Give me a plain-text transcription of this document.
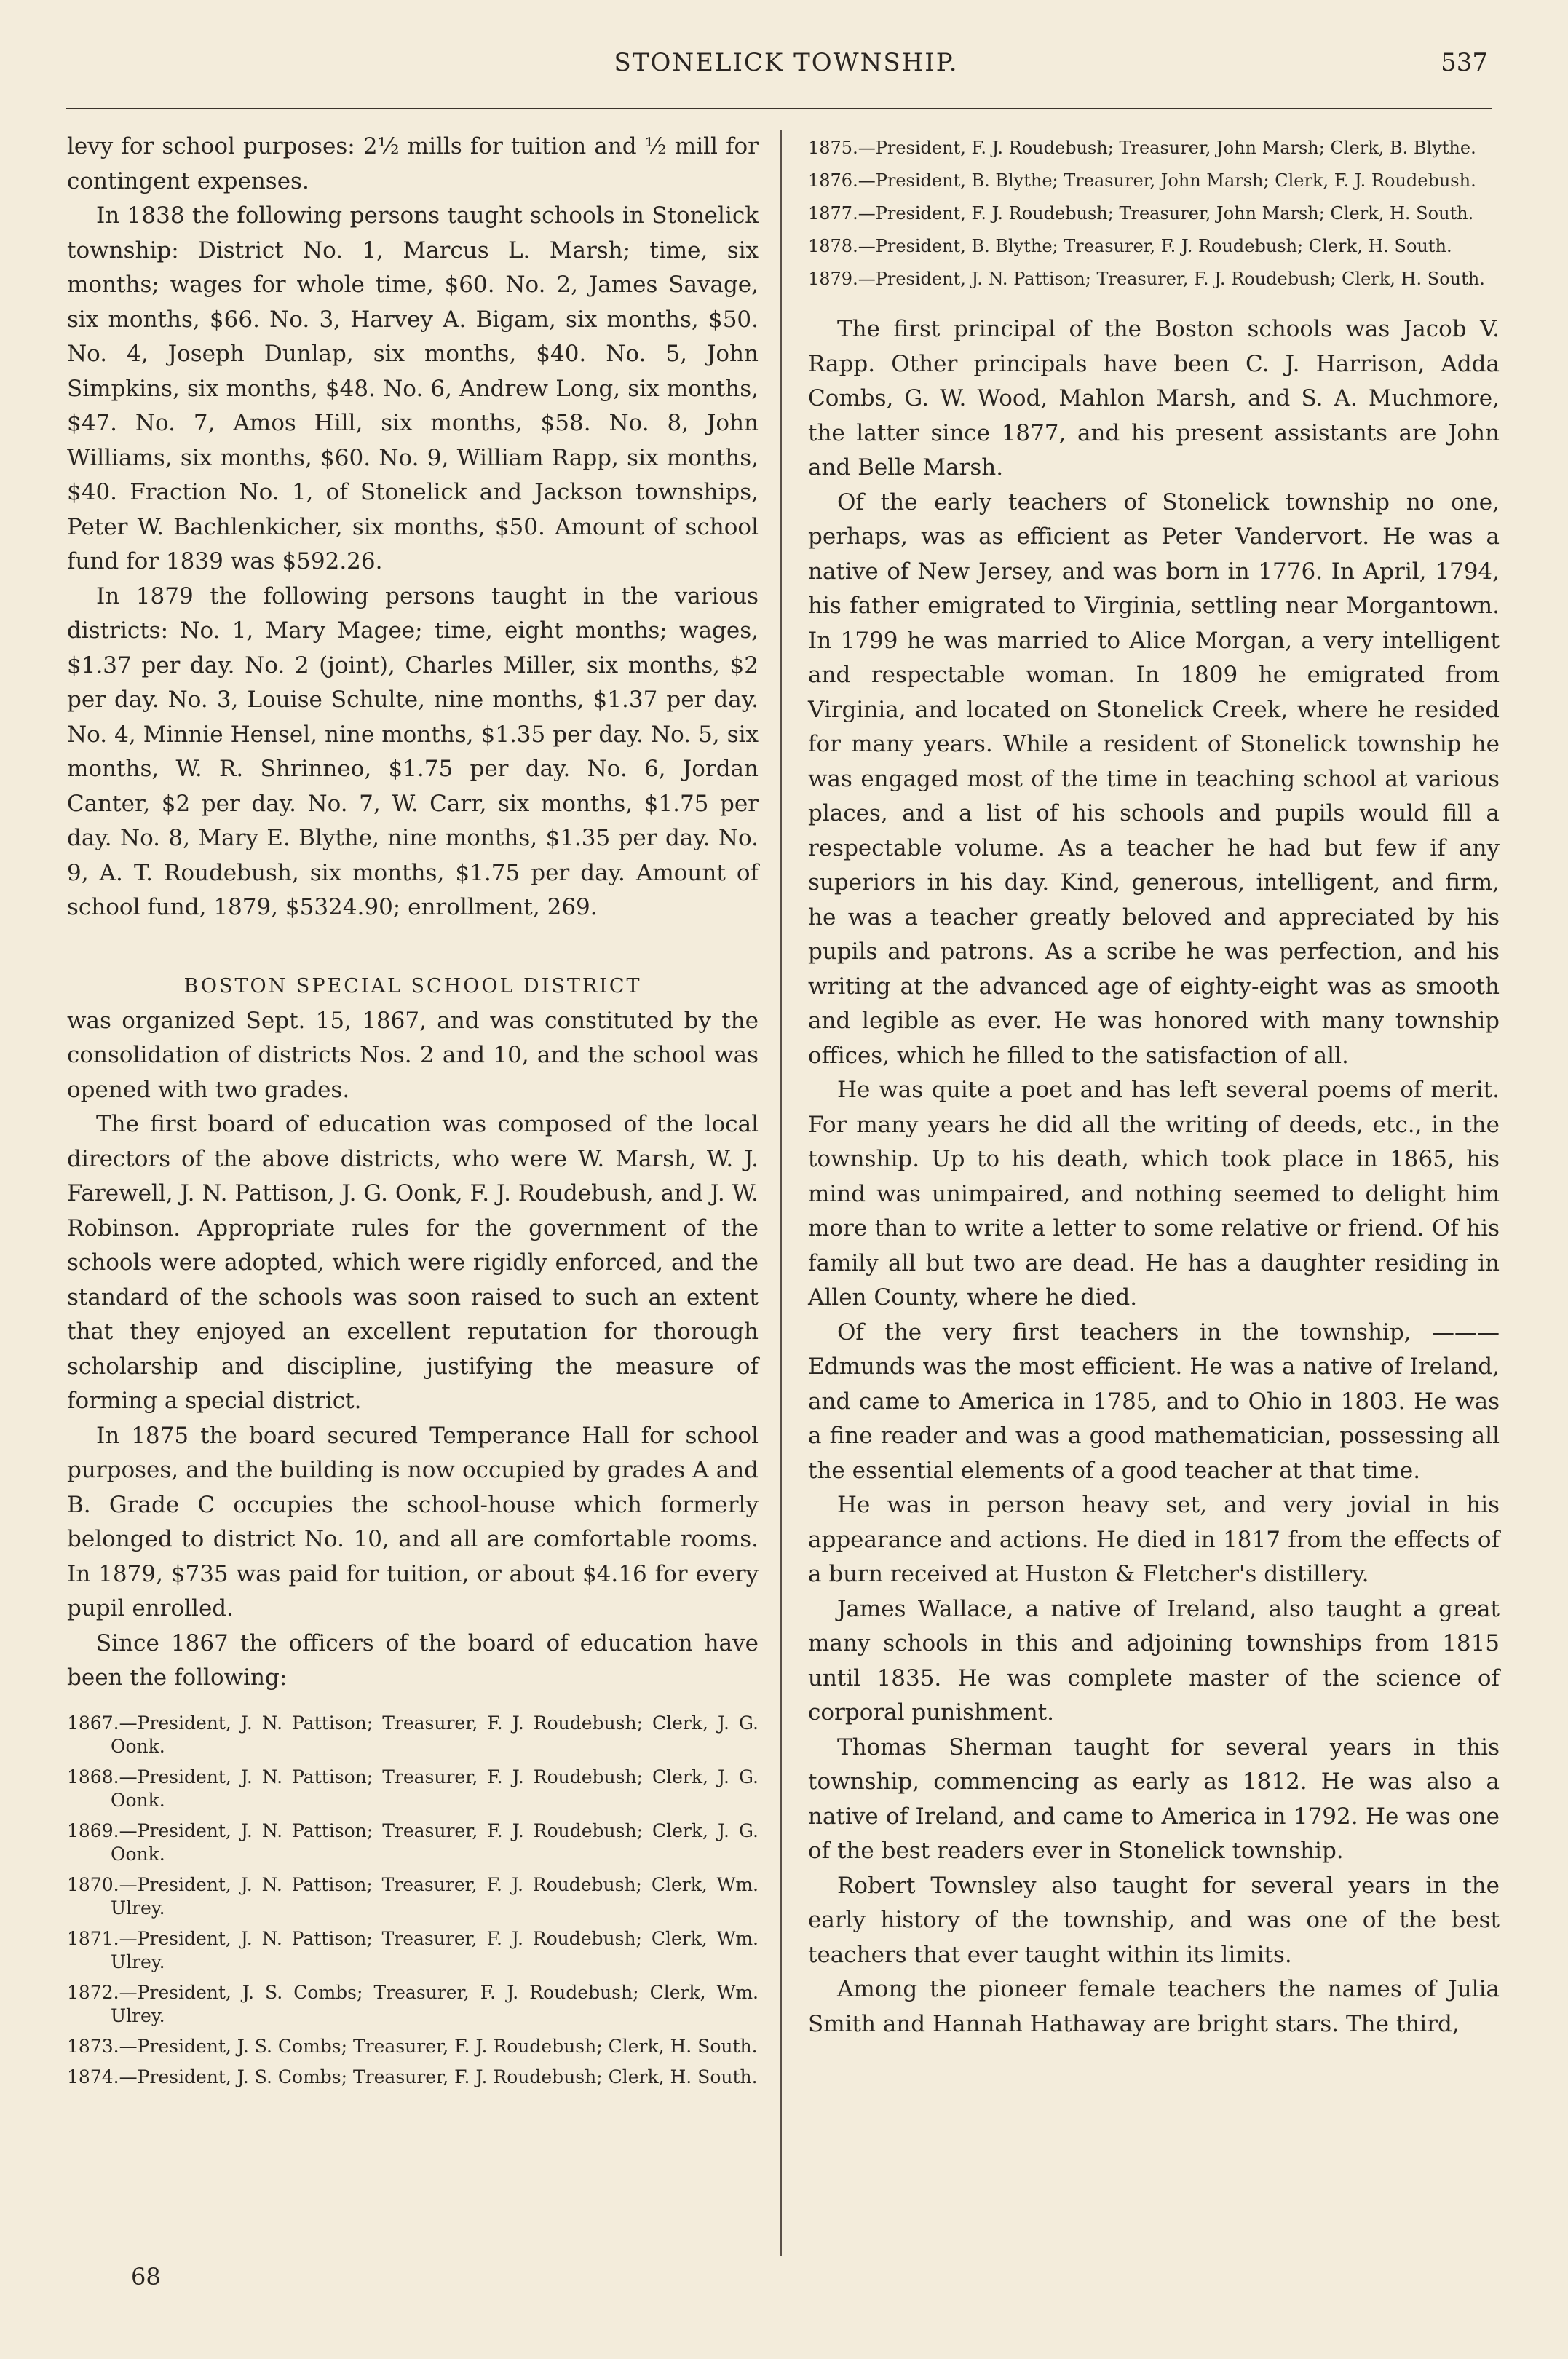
STONELICK TOWNSHIP.	537

levy for school purposes: 2½ mills for tuition and ½ mill for contingent expenses.

In 1838 the following persons taught schools in Stonelick township: District No. 1, Marcus L. Marsh; time, six months; wages for whole time, $60. No. 2, James Savage, six months, $66. No. 3, Harvey A. Bigam, six months, $50. No. 4, Joseph Dunlap, six months, $40. No. 5, John Simpkins, six months, $48. No. 6, Andrew Long, six months, $47. No. 7, Amos Hill, six months, $58. No. 8, John Williams, six months, $60. No. 9, William Rapp, six months, $40. Fraction No. 1, of Stonelick and Jackson townships, Peter W. Bachlenkicher, six months, $50. Amount of school fund for 1839 was $592.26.

In 1879 the following persons taught in the various districts: No. 1, Mary Magee; time, eight months; wages, $1.37 per day. No. 2 (joint), Charles Miller, six months, $2 per day. No. 3, Louise Schulte, nine months, $1.37 per day. No. 4, Minnie Hensel, nine months, $1.35 per day. No. 5, six months, W. R. Shrinneo, $1.75 per day. No. 6, Jordan Canter, $2 per day. No. 7, W. Carr, six months, $1.75 per day. No. 8, Mary E. Blythe, nine months, $1.35 per day. No. 9, A. T. Roudebush, six months, $1.75 per day. Amount of school fund, 1879, $5324.90; enrollment, 269.

BOSTON SPECIAL SCHOOL DISTRICT

was organized Sept. 15, 1867, and was constituted by the consolidation of districts Nos. 2 and 10, and the school was opened with two grades.

The first board of education was composed of the local directors of the above districts, who were W. Marsh, W. J. Farewell, J. N. Pattison, J. G. Oonk, F. J. Roudebush, and J. W. Robinson. Appropriate rules for the government of the schools were adopted, which were rigidly enforced, and the standard of the schools was soon raised to such an extent that they enjoyed an excellent reputation for thorough scholarship and discipline, justifying the measure of forming a special district.

In 1875 the board secured Temperance Hall for school purposes, and the building is now occupied by grades A and B. Grade C occupies the school-house which formerly belonged to district No. 10, and all are comfortable rooms. In 1879, $735 was paid for tuition, or about $4.16 for every pupil enrolled.

Since 1867 the officers of the board of education have been the following:

1867.—President, J. N. Pattison; Treasurer, F. J. Roudebush; Clerk, J. G. Oonk.

1868.—President, J. N. Pattison; Treasurer, F. J. Roudebush; Clerk, J. G. Oonk.

1869.—President, J. N. Pattison; Treasurer, F. J. Roudebush; Clerk, J. G. Oonk.

1870.—President, J. N. Pattison; Treasurer, F. J. Roudebush; Clerk, Wm. Ulrey.

1871.—President, J. N. Pattison; Treasurer, F. J. Roudebush; Clerk, Wm. Ulrey.

1872.—President, J. S. Combs; Treasurer, F. J. Roudebush; Clerk, Wm. Ulrey.

1873.—President, J. S. Combs; Treasurer, F. J. Roudebush; Clerk, H. South.

1874.—President, J. S. Combs; Treasurer, F. J. Roudebush; Clerk, H. South.

68

1875.—President, F. J. Roudebush; Treasurer, John Marsh; Clerk, B. Blythe.

1876.—President, B. Blythe; Treasurer, John Marsh; Clerk, F. J. Roudebush.

1877.—President, F. J. Roudebush; Treasurer, John Marsh; Clerk, H. South.

1878.—President, B. Blythe; Treasurer, F. J. Roudebush; Clerk, H. South.

1879.—President, J. N. Pattison; Treasurer, F. J. Roudebush; Clerk, H. South.

The first principal of the Boston schools was Jacob V. Rapp. Other principals have been C. J. Harrison, Adda Combs, G. W. Wood, Mahlon Marsh, and S. A. Muchmore, the latter since 1877, and his present assistants are John and Belle Marsh.

Of the early teachers of Stonelick township no one, perhaps, was as efficient as Peter Vandervort. He was a native of New Jersey, and was born in 1776. In April, 1794, his father emigrated to Virginia, settling near Morgantown. In 1799 he was married to Alice Morgan, a very intelligent and respectable woman. In 1809 he emigrated from Virginia, and located on Stonelick Creek, where he resided for many years. While a resident of Stonelick township he was engaged most of the time in teaching school at various places, and a list of his schools and pupils would fill a respectable volume. As a teacher he had but few if any superiors in his day. Kind, generous, intelligent, and firm, he was a teacher greatly beloved and appreciated by his pupils and patrons. As a scribe he was perfection, and his writing at the advanced age of eighty-eight was as smooth and legible as ever. He was honored with many township offices, which he filled to the satisfaction of all.

He was quite a poet and has left several poems of merit. For many years he did all the writing of deeds, etc., in the township. Up to his death, which took place in 1865, his mind was unimpaired, and nothing seemed to delight him more than to write a letter to some relative or friend. Of his family all but two are dead. He has a daughter residing in Allen County, where he died.

Of the very first teachers in the township, ——— Edmunds was the most efficient. He was a native of Ireland, and came to America in 1785, and to Ohio in 1803. He was a fine reader and was a good mathematician, possessing all the essential elements of a good teacher at that time.

He was in person heavy set, and very jovial in his appearance and actions. He died in 1817 from the effects of a burn received at Huston & Fletcher's distillery.

James Wallace, a native of Ireland, also taught a great many schools in this and adjoining townships from 1815 until 1835. He was complete master of the science of corporal punishment.

Thomas Sherman taught for several years in this township, commencing as early as 1812. He was also a native of Ireland, and came to America in 1792. He was one of the best readers ever in Stonelick township.

Robert Townsley also taught for several years in the early history of the township, and was one of the best teachers that ever taught within its limits.

Among the pioneer female teachers the names of Julia Smith and Hannah Hathaway are bright stars. The third,
